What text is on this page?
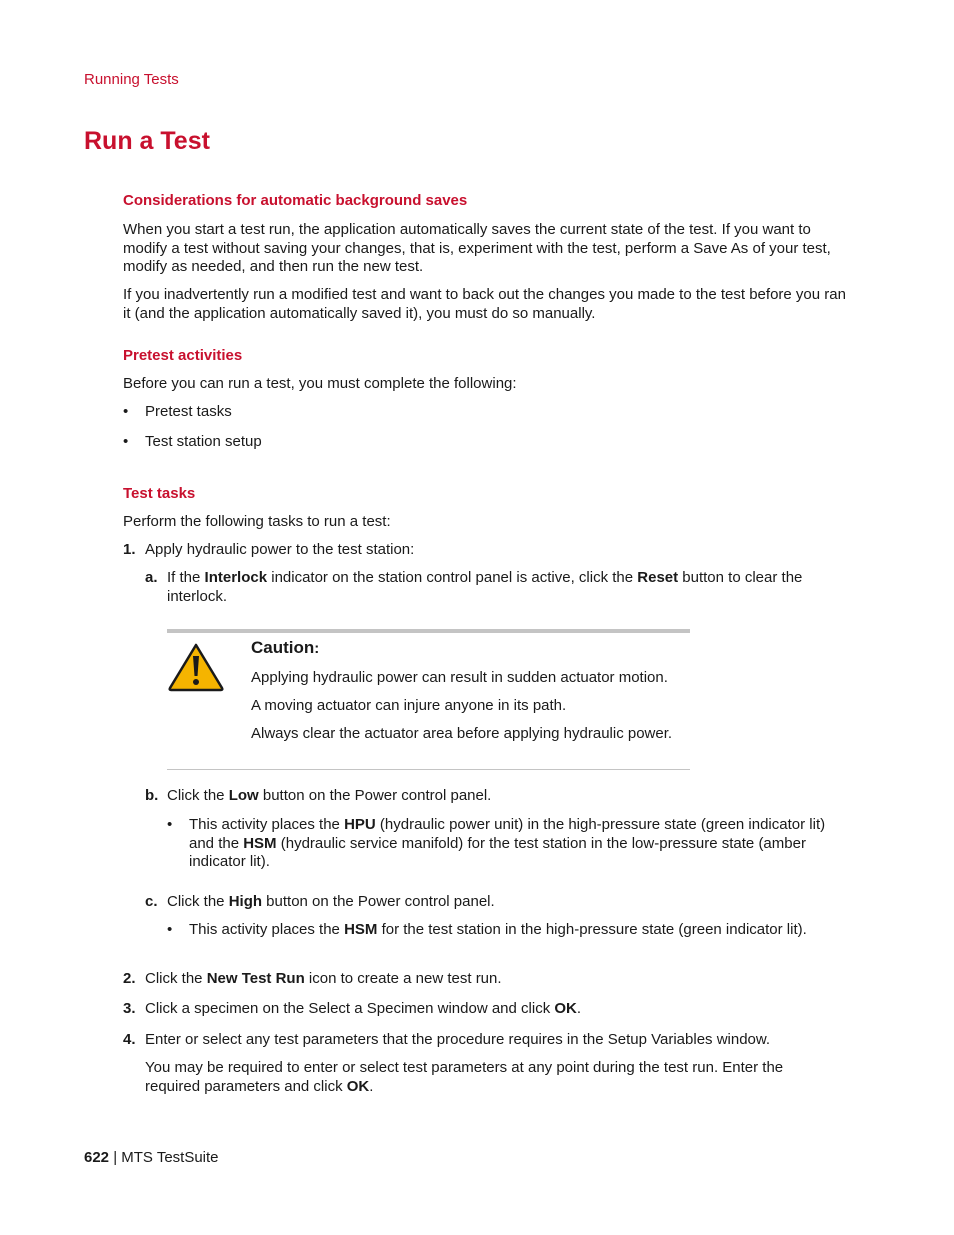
Running Tests
Run a Test
Considerations for automatic background saves

When you start a test run, the application automatically saves the current state of the test. If you want to modify a test without saving your changes, that is, experiment with the test, perform a Save As of your test, modify as needed, and then run the new test.

If you inadvertently run a modified test and want to back out the changes you made to the test before you ran it (and the application automatically saved it), you must do so manually.

Pretest activities

Before you can run a test, you must complete the following:

•	Pretest tasks
•	Test station setup
Test tasks

Perform the following tasks to run a test:

1. Apply hydraulic power to the test station:
a. If the Interlock indicator on the station control panel is active, click the Reset button to clear the interlock.
Caution:
Applying hydraulic power can result in sudden actuator motion.
A moving actuator can injure anyone in its path.
Always clear the actuator area before applying hydraulic power.
b. Click the Low button on the Power control panel.
• This activity places the HPU (hydraulic power unit) in the high-pressure state (green indicator lit) and the HSM (hydraulic service manifold) for the test station in the low-pressure state (amber indicator lit).
c. Click the High button on the Power control panel.
• This activity places the HSM for the test station in the high-pressure state (green indicator lit).
2. Click the New Test Run icon to create a new test run.
3. Click a specimen on the Select a Specimen window and click OK.
4. Enter or select any test parameters that the procedure requires in the Setup Variables window.

You may be required to enter or select test parameters at any point during the test run. Enter the required parameters and click OK.

622 | MTS TestSuite
